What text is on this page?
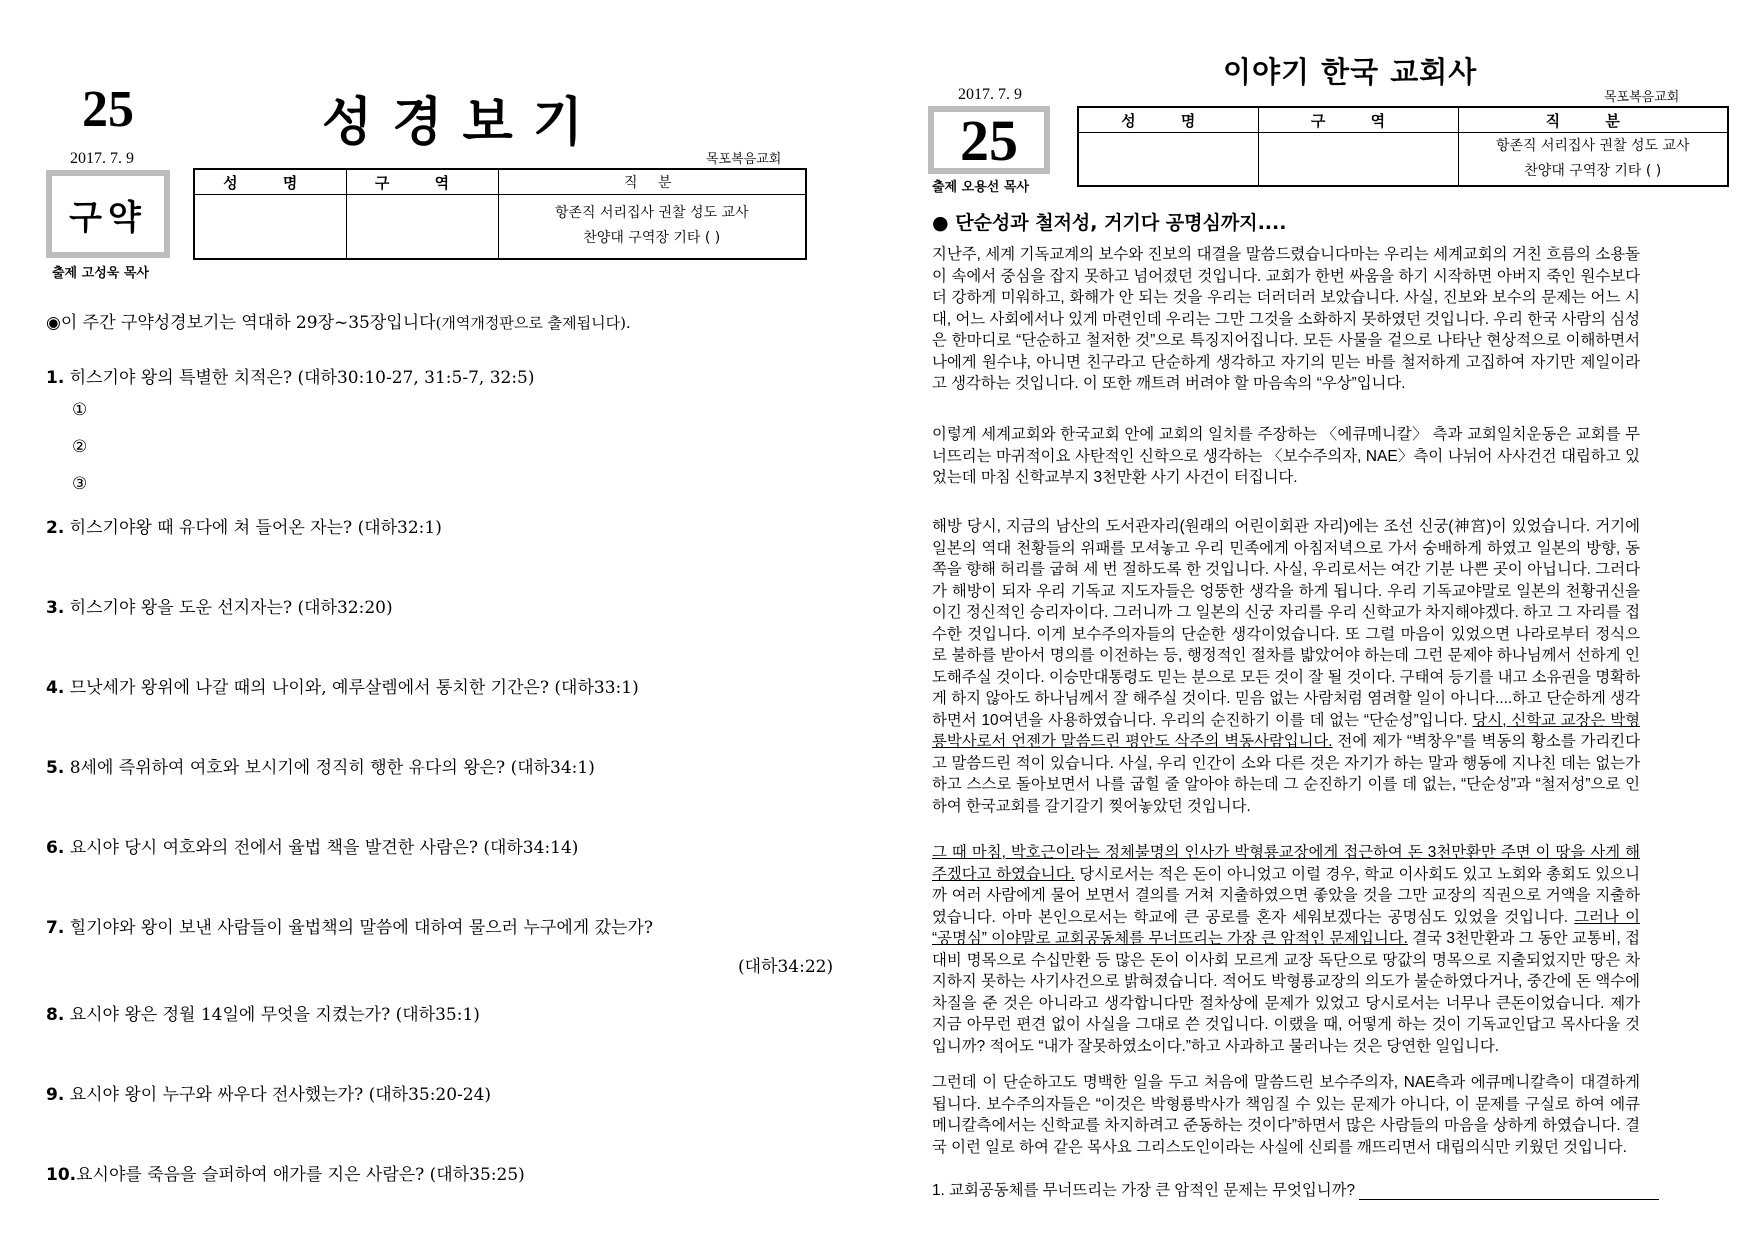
25	성경보기
2017. 7. 9	목포복음교회
구약
출제 고성욱 목사
성 명	구 역	직 분

		항존직 서리집사 권찰 성도 교사
찬양대 구역장 기타 ( )
◉이 주간 구약성경보기는 역대하 29장~35장입니다(개역개정판으로 출제됩니다).
1. 히스기야 왕의 특별한 치적은? (대하30:10-27, 31:5-7, 32:5)
①
②
③
2. 히스기야왕 때 유다에 쳐 들어온 자는? (대하32:1)
3. 히스기야 왕을 도운 선지자는? (대하32:20)
4. 므낫세가 왕위에 나갈 때의 나이와, 예루살렘에서 통치한 기간은? (대하33:1)
5. 8세에 즉위하여 여호와 보시기에 정직히 행한 유다의 왕은? (대하34:1)
6. 요시야 당시 여호와의 전에서 율법 책을 발견한 사람은? (대하34:14)
7. 힐기야와 왕이 보낸 사람들이 율법책의 말씀에 대하여 물으러 누구에게 갔는가?
(대하34:22)
8. 요시야 왕은 정월 14일에 무엇을 지켰는가? (대하35:1)
9. 요시야 왕이 누구와 싸우다 전사했는가? (대하35:20-24)
10.요시야를 죽음을 슬퍼하여 애가를 지은 사람은? (대하35:25)
이야기 한국 교회사
2017. 7. 9	목포복음교회
25
출제 오용선 목사
성 명	구 역	직 분

		항존직 서리집사 권찰 성도 교사
찬양대 구역장 기타 ( )
● 단순성과 철저성, 거기다 공명심까지....
지난주, 세계 기독교계의 보수와 진보의 대결을 말씀드렸습니다마는 우리는 세계교회의 거친 흐름의 소용돌이 속에서 중심을 잡지 못하고 넘어졌던 것입니다. 교회가 한번 싸움을 하기 시작하면 아버지 죽인 원수보다 더 강하게 미워하고, 화해가 안 되는 것을 우리는 더러더러 보았습니다. 사실, 진보와 보수의 문제는 어느 시대, 어느 사회에서나 있게 마련인데 우리는 그만 그것을 소화하지 못하였던 것입니다. 우리 한국 사람의 심성은 한마디로 “단순하고 철저한 것”으로 특징지어집니다. 모든 사물을 겉으로 나타난 현상적으로 이해하면서 나에게 원수냐, 아니면 친구라고 단순하게 생각하고 자기의 믿는 바를 철저하게 고집하여 자기만 제일이라고 생각하는 것입니다. 이 또한 깨트려 버려야 할 마음속의 “우상”입니다.
이렇게 세계교회와 한국교회 안에 교회의 일치를 주장하는 〈에큐메니칼〉 측과 교회일치운동은 교회를 무너뜨리는 마귀적이요 사탄적인 신학으로 생각하는 〈보수주의자, NAE〉측이 나뉘어 사사건건 대립하고 있었는데 마침 신학교부지 3천만환 사기 사건이 터집니다.
해방 당시, 지금의 남산의 도서관자리(원래의 어린이회관 자리)에는 조선 신궁(神宮)이 있었습니다. 거기에 일본의 역대 천황들의 위패를 모셔놓고 우리 민족에게 아침저녁으로 가서 숭배하게 하였고 일본의 방향, 동쪽을 향해 허리를 굽혀 세 번 절하도록 한 것입니다. 사실, 우리로서는 여간 기분 나쁜 곳이 아닙니다. 그러다가 해방이 되자 우리 기독교 지도자들은 엉뚱한 생각을 하게 됩니다. 우리 기독교야말로 일본의 천황귀신을 이긴 정신적인 승리자이다. 그러니까 그 일본의 신궁 자리를 우리 신학교가 차지해야겠다. 하고 그 자리를 접수한 것입니다. 이게 보수주의자들의 단순한 생각이었습니다. 또 그럴 마음이 있었으면 나라로부터 정식으로 불하를 받아서 명의를 이전하는 등, 행정적인 절차를 밟았어야 하는데 그런 문제야 하나님께서 선하게 인도해주실 것이다. 이승만대통령도 믿는 분으로 모든 것이 잘 될 것이다. 구태여 등기를 내고 소유권을 명확하게 하지 않아도 하나님께서 잘 해주실 것이다. 믿음 없는 사람처럼 염려할 일이 아니다....하고 단순하게 생각하면서 10여년을 사용하였습니다. 우리의 순진하기 이를 데 없는 “단순성”입니다. 당시, 신학교 교장은 박형룡박사로서 언젠가 말씀드린 평안도 삭주의 벽동사람입니다. 전에 제가 “벽창우”를 벽동의 황소를 가리킨다고 말씀드린 적이 있습니다. 사실, 우리 인간이 소와 다른 것은 자기가 하는 말과 행동에 지나친 데는 없는가 하고 스스로 돌아보면서 나를 굽힐 줄 알아야 하는데 그 순진하기 이를 데 없는, “단순성”과 “철저성”으로 인하여 한국교회를 갈기갈기 찢어놓았던 것입니다.
그 때 마침, 박호근이라는 정체불명의 인사가 박형룡교장에게 접근하여 돈 3천만환만 주면 이 땅을 사게 해주겠다고 하였습니다. 당시로서는 적은 돈이 아니었고 이럴 경우, 학교 이사회도 있고 노회와 총회도 있으니까 여러 사람에게 물어 보면서 결의를 거쳐 지출하였으면 좋았을 것을 그만 교장의 직권으로 거액을 지출하였습니다. 아마 본인으로서는 학교에 큰 공로를 혼자 세워보겠다는 공명심도 있었을 것입니다. 그러나 이 “공명심” 이야말로 교회공동체를 무너뜨리는 가장 큰 암적인 문제입니다. 결국 3천만환과 그 동안 교통비, 접대비 명목으로 수십만환 등 많은 돈이 이사회 모르게 교장 독단으로 땅값의 명목으로 지출되었지만 땅은 차지하지 못하는 사기사건으로 밝혀졌습니다. 적어도 박형룡교장의 의도가 불순하였다거나, 중간에 돈 액수에 차질을 준 것은 아니라고 생각합니다만 절차상에 문제가 있었고 당시로서는 너무나 큰돈이었습니다. 제가 지금 아무런 편견 없이 사실을 그대로 쓴 것입니다. 이랬을 때, 어떻게 하는 것이 기독교인답고 목사다울 것입니까? 적어도 “내가 잘못하였소이다.”하고 사과하고 물러나는 것은 당연한 일입니다.
그런데 이 단순하고도 명백한 일을 두고 처음에 말씀드린 보수주의자, NAE측과 에큐메니칼측이 대결하게 됩니다. 보수주의자들은 “이것은 박형룡박사가 책임질 수 있는 문제가 아니다, 이 문제를 구실로 하여 에큐메니칼측에서는 신학교를 차지하려고 준동하는 것이다”하면서 많은 사람들의 마음을 상하게 하였습니다. 결국 이런 일로 하여 같은 목사요 그리스도인이라는 사실에 신뢰를 깨뜨리면서 대립의식만 키웠던 것입니다.
1. 교회공동체를 무너뜨리는 가장 큰 암적인 문제는 무엇입니까?
